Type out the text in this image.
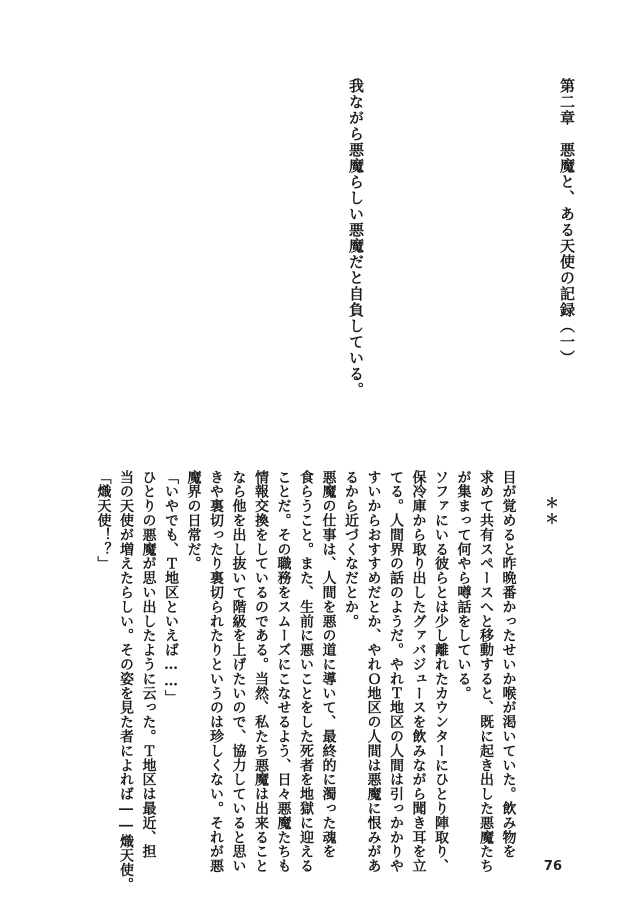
第二章　悪魔と、ある天使の記録（一）
我ながら悪魔らしい悪魔だと自負している。

＊＊

目が覚めると昨晩番かったせいか喉が渇いていた。飲み物を

求めて共有スペースへと移動すると、既に起き出した悪魔たち

が集まって何やら噂話をしている。

ソファにいる彼らとは少し離れたカウンターにひとり陣取り、

保冷庫から取り出したグァバジュースを飲みながら聞き耳を立

てる。人間界の話のようだ。やれＴ地区の人間は引っかかりや

すいからおすすめだとか、やれＯ地区の人間は悪魔に恨みがあ

るから近づくなだとか。

悪魔の仕事は、人間を悪の道に導いて、最終的に濁った魂を

食らうこと。また、生前に悪いことをした死者を地獄に迎える

ことだ。その職務をスムーズにこなせるよう、日々悪魔たちも

情報交換をしているのである。当然、私たち悪魔は出来ること

なら他を出し抜いて階級を上げたいので、協力していると思い

きや裏切ったり裏切られたりというのは珍しくない。それが悪

魔界の日常だ。

「いやでも、Ｔ地区といえば……」

ひとりの悪魔が思い出したように云った。Ｔ地区は最近、担

当の天使が増えたらしい。その姿を見た者によれば――熾天使。

「熾天使！？」

76
